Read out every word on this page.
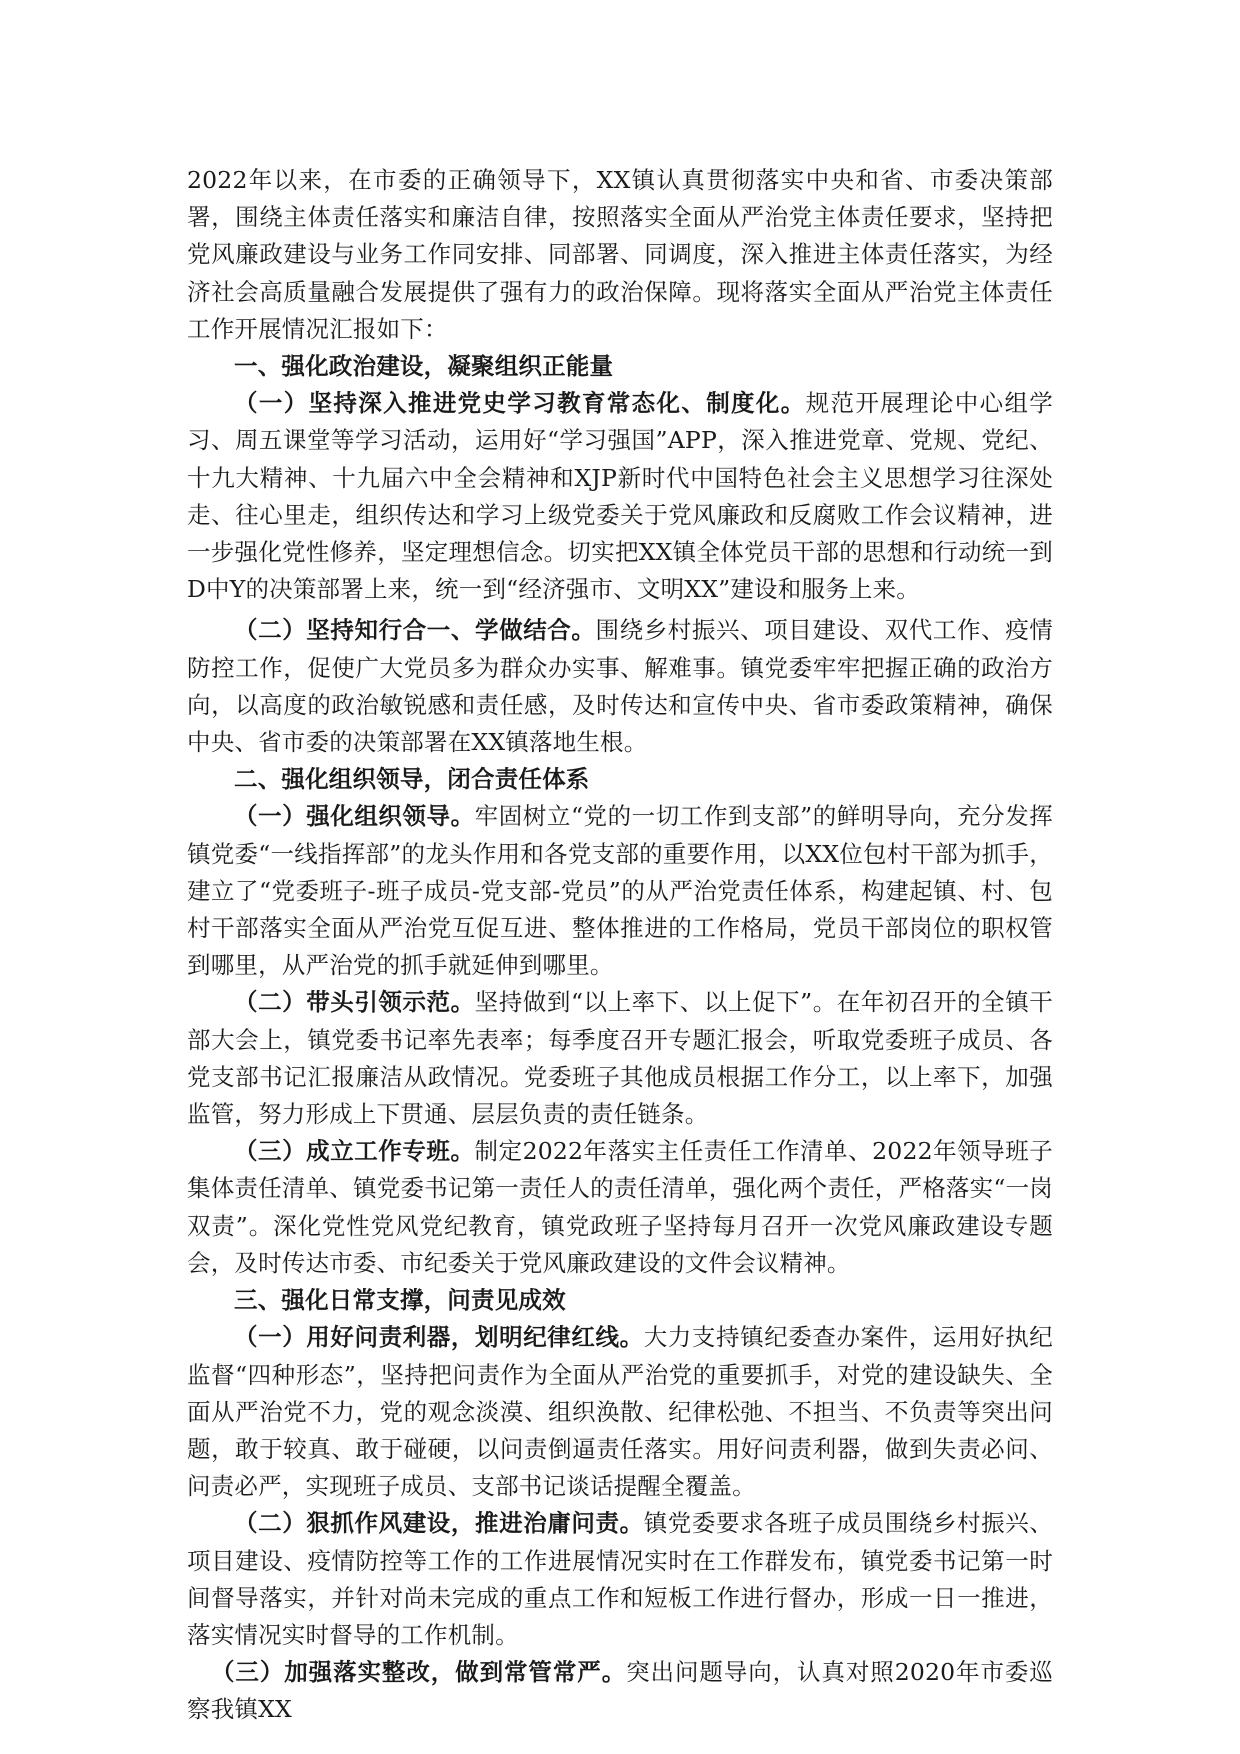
2022年以来，在市委的正确领导下，XX镇认真贯彻落实中央和省、市委决策部署，围绕主体责任落实和廉洁自律，按照落实全面从严治党主体责任要求，坚持把党风廉政建设与业务工作同安排、同部署、同调度，深入推进主体责任落实，为经济社会高质量融合发展提供了强有力的政治保障。现将落实全面从严治党主体责任工作开展情况汇报如下：

一、强化政治建设，凝聚组织正能量

（一）坚持深入推进党史学习教育常态化、制度化。规范开展理论中心组学习、周五课堂等学习活动，运用好“学习强国”APP，深入推进党章、党规、党纪、十九大精神、十九届六中全会精神和XJP新时代中国特色社会主义思想学习往深处走、往心里走，组织传达和学习上级党委关于党风廉政和反腐败工作会议精神，进一步强化党性修养，坚定理想信念。切实把XX镇全体党员干部的思想和行动统一到D中Y的决策部署上来，统一到“经济强市、文明XX”建设和服务上来。

（二）坚持知行合一、学做结合。围绕乡村振兴、项目建设、双代工作、疫情防控工作，促使广大党员多为群众办实事、解难事。镇党委牢牢把握正确的政治方向，以高度的政治敏锐感和责任感，及时传达和宣传中央、省市委政策精神，确保中央、省市委的决策部署在XX镇落地生根。

二、强化组织领导，闭合责任体系

（一）强化组织领导。牢固树立“党的一切工作到支部”的鲜明导向，充分发挥镇党委“一线指挥部”的龙头作用和各党支部的重要作用，以XX位包村干部为抓手，建立了“党委班子-班子成员-党支部-党员”的从严治党责任体系，构建起镇、村、包村干部落实全面从严治党互促互进、整体推进的工作格局，党员干部岗位的职权管到哪里，从严治党的抓手就延伸到哪里。

（二）带头引领示范。坚持做到“以上率下、以上促下”。在年初召开的全镇干部大会上，镇党委书记率先表率；每季度召开专题汇报会，听取党委班子成员、各党支部书记汇报廉洁从政情况。党委班子其他成员根据工作分工，以上率下，加强监管，努力形成上下贯通、层层负责的责任链条。

（三）成立工作专班。制定2022年落实主任责任工作清单、2022年领导班子集体责任清单、镇党委书记第一责任人的责任清单，强化两个责任，严格落实“一岗双责”。深化党性党风党纪教育，镇党政班子坚持每月召开一次党风廉政建设专题会，及时传达市委、市纪委关于党风廉政建设的文件会议精神。

三、强化日常支撑，问责见成效

（一）用好问责利器，划明纪律红线。大力支持镇纪委查办案件，运用好执纪监督“四种形态”，坚持把问责作为全面从严治党的重要抓手，对党的建设缺失、全面从严治党不力，党的观念淡漠、组织涣散、纪律松弛、不担当、不负责等突出问题，敢于较真、敢于碰硬，以问责倒逼责任落实。用好问责利器，做到失责必问、问责必严，实现班子成员、支部书记谈话提醒全覆盖。

（二）狠抓作风建设，推进治庸问责。镇党委要求各班子成员围绕乡村振兴、项目建设、疫情防控等工作的工作进展情况实时在工作群发布，镇党委书记第一时间督导落实，并针对尚未完成的重点工作和短板工作进行督办，形成一日一推进，落实情况实时督导的工作机制。

（三）加强落实整改，做到常管常严。突出问题导向，认真对照2020年市委巡察我镇XX
